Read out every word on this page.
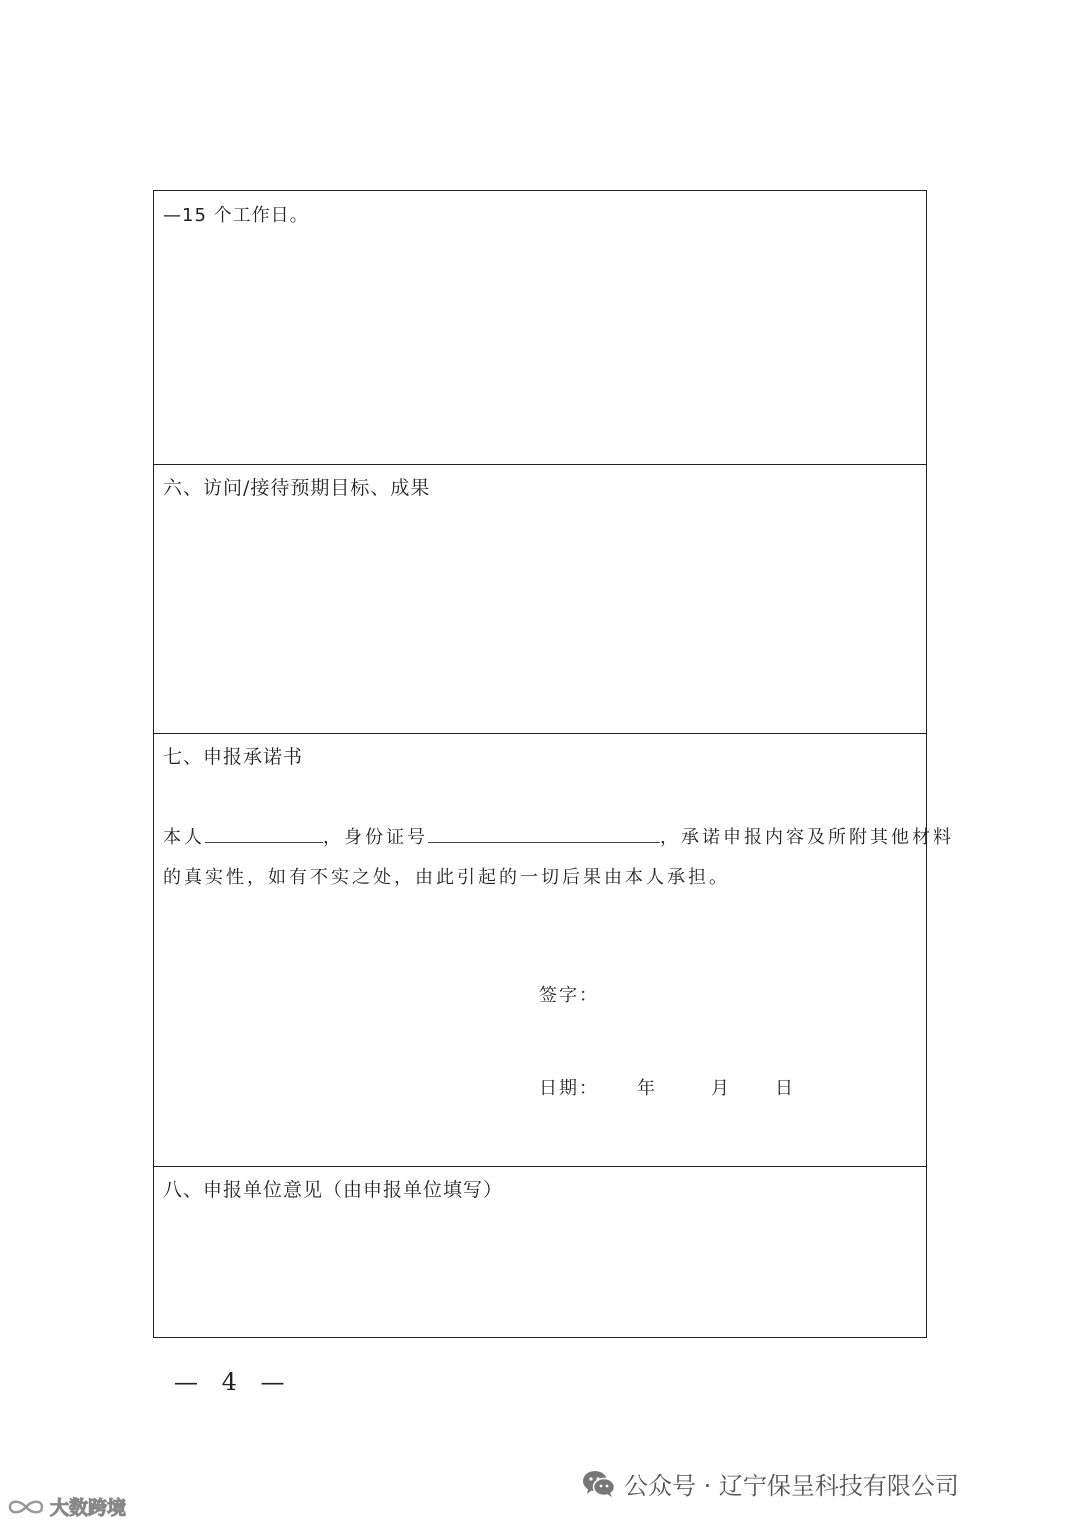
—15 个工作日。
六、访问/接待预期目标、成果
七、申报承诺书
本人	，身份证号	，承诺申报内容及所附其他材料
的真实性，如有不实之处，由此引起的一切后果由本人承担。
签字：
日期： 年	月 日
八、申报单位意见（由申报单位填写）
— 4 —
公众号 · 辽宁保呈科技有限公司
大数跨境
